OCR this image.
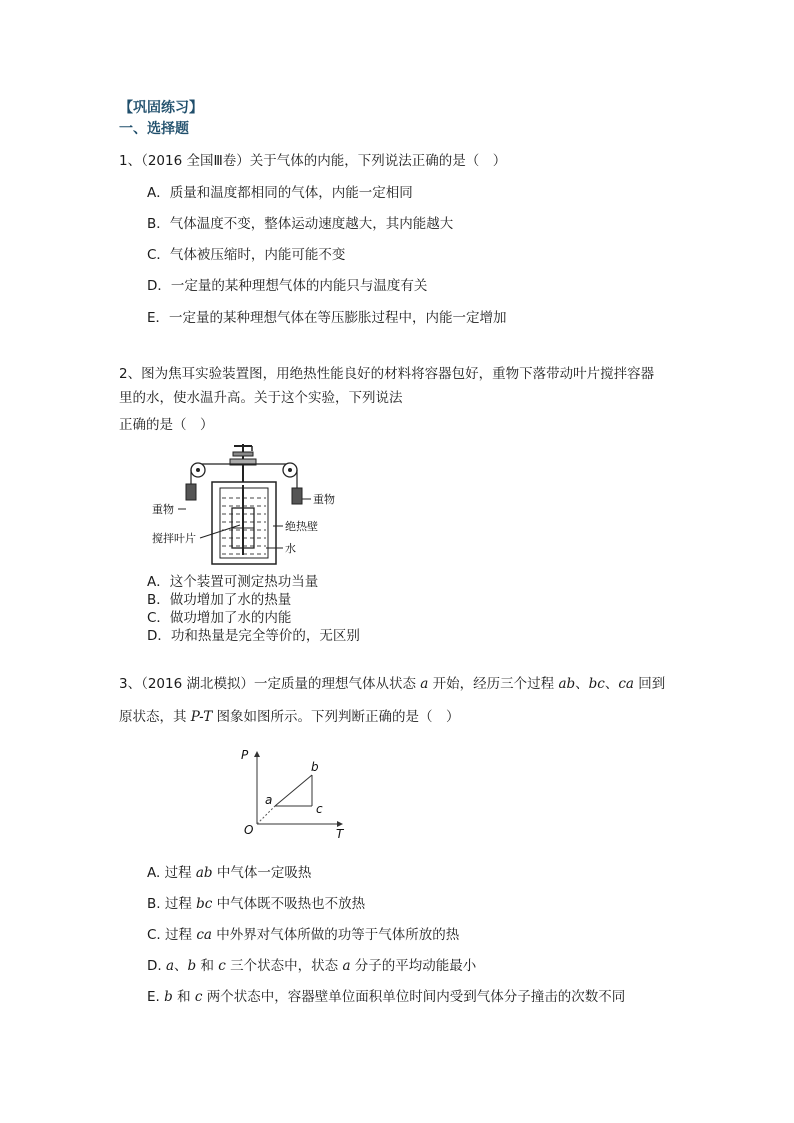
【巩固练习】
一、选择题
1、（2016 全国Ⅲ卷）关于气体的内能，下列说法正确的是（　）
A．质量和温度都相同的气体，内能一定相同
B．气体温度不变，整体运动速度越大，其内能越大
C．气体被压缩时，内能可能不变
D．一定量的某种理想气体的内能只与温度有关
E．一定量的某种理想气体在等压膨胀过程中，内能一定增加
2、图为焦耳实验装置图，用绝热性能良好的材料将容器包好，重物下落带动叶片搅拌容器
里的水，使水温升高。关于这个实验，下列说法
正确的是（　）
重物
重物
绝热壁
搅拌叶片
水
A．这个装置可测定热功当量
B．做功增加了水的热量
C．做功增加了水的内能
D．功和热量是完全等价的，无区别
3、（2016 湖北模拟）一定质量的理想气体从状态 a 开始，经历三个过程 ab、bc、ca 回到
原状态，其 P-T 图象如图所示。下列判断正确的是（　）
P
T
O
a
b
c
A. 过程 ab 中气体一定吸热
B. 过程 bc 中气体既不吸热也不放热
C. 过程 ca 中外界对气体所做的功等于气体所放的热
D. a、b 和 c 三个状态中，状态 a 分子的平均动能最小
E. b 和 c 两个状态中，容器壁单位面积单位时间内受到气体分子撞击的次数不同
